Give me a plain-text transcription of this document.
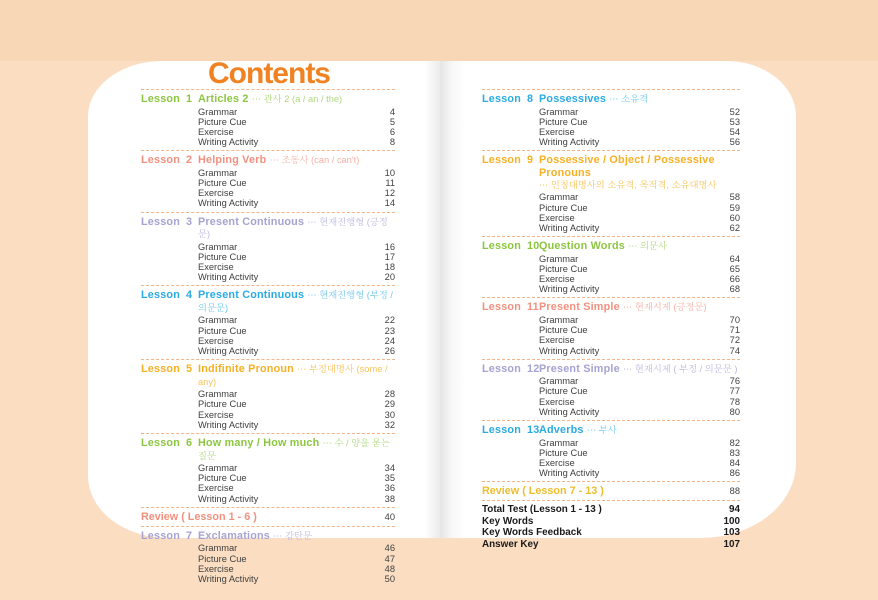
Contents
Lesson 1 Articles 2 ⋯ 관사 2 (a / an / the)
Grammar	4
Picture Cue	5
Exercise	6
Writing Activity	8
Lesson 2 Helping Verb ⋯ 조동사 (can / can't)
Grammar	10
Picture Cue	11
Exercise	12
Writing Activity	14
Lesson 3 Present Continuous ⋯ 현재진행형 (긍정문)
Grammar	16
Picture Cue	17
Exercise	18
Writing Activity	20
Lesson 4 Present Continuous ⋯ 현재진행형 (부정 / 의문문)
Grammar	22
Picture Cue	23
Exercise	24
Writing Activity	26
Lesson 5 Indifinite Pronoun ⋯ 부정대명사 (some / any)
Grammar	28
Picture Cue	29
Exercise	30
Writing Activity	32
Lesson 6 How many / How much ⋯ 수 / 양을 묻는 질문
Grammar	34
Picture Cue	35
Exercise	36
Writing Activity	38
Review ( Lesson 1 - 6 )	40
Lesson 7 Exclamations ⋯ 감탄문
Grammar	46
Picture Cue	47
Exercise	48
Writing Activity	50
Lesson 8 Possessives ⋯ 소유격
Grammar	52
Picture Cue	53
Exercise	54
Writing Activity	56
Lesson 9 Possessive / Object / Possessive Pronouns
⋯ 인칭대명사의 소유격, 목적격, 소유대명사
Grammar	58
Picture Cue	59
Exercise	60
Writing Activity	62
Lesson 10 Question Words ⋯ 의문사
Grammar	64
Picture Cue	65
Exercise	66
Writing Activity	68
Lesson 11 Present Simple ⋯ 현재시제 (긍정문)
Grammar	70
Picture Cue	71
Exercise	72
Writing Activity	74
Lesson 12 Present Simple ⋯ 현재시제 ( 부정 / 의문문 )
Grammar	76
Picture Cue	77
Exercise	78
Writing Activity	80
Lesson 13 Adverbs ⋯ 부사
Grammar	82
Picture Cue	83
Exercise	84
Writing Activity	86
Review ( Lesson 7 - 13 )	88
Total Test (Lesson 1 - 13 )	94
Key Words	100
Key Words Feedback	103
Answer Key	107
